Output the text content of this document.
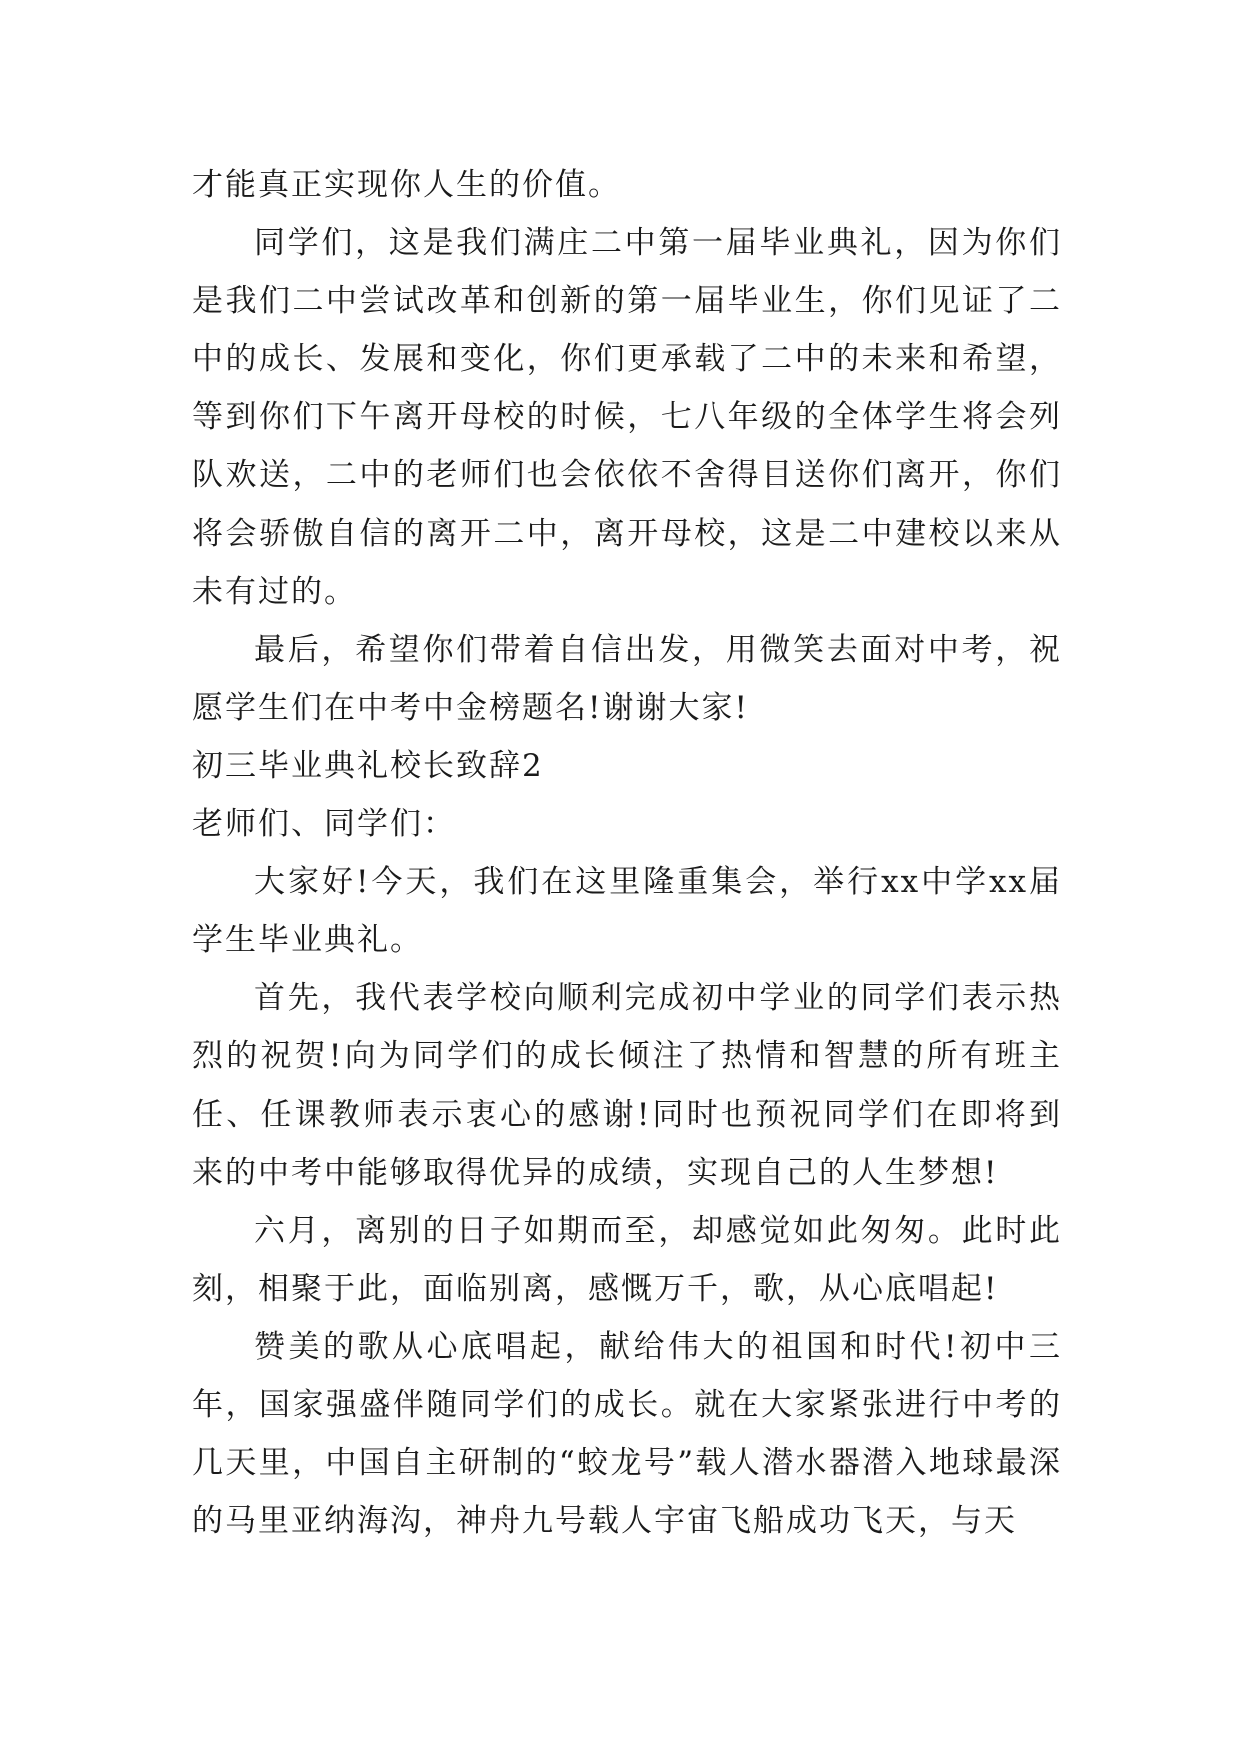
才能真正实现你人生的价值。

同学们，这是我们满庄二中第一届毕业典礼，因为你们是我们二中尝试改革和创新的第一届毕业生，你们见证了二中的成长、发展和变化，你们更承载了二中的未来和希望，等到你们下午离开母校的时候，七八年级的全体学生将会列队欢送，二中的老师们也会依依不舍得目送你们离开，你们将会骄傲自信的离开二中，离开母校，这是二中建校以来从未有过的。

最后，希望你们带着自信出发，用微笑去面对中考，祝愿学生们在中考中金榜题名!谢谢大家!

初三毕业典礼校长致辞2

老师们、同学们：

大家好!今天，我们在这里隆重集会，举行xx中学xx届学生毕业典礼。

首先，我代表学校向顺利完成初中学业的同学们表示热烈的祝贺!向为同学们的成长倾注了热情和智慧的所有班主任、任课教师表示衷心的感谢!同时也预祝同学们在即将到来的中考中能够取得优异的成绩，实现自己的人生梦想!

六月，离别的日子如期而至，却感觉如此匆匆。此时此刻，相聚于此，面临别离，感慨万千，歌，从心底唱起!

赞美的歌从心底唱起，献给伟大的祖国和时代!初中三年，国家强盛伴随同学们的成长。就在大家紧张进行中考的几天里，中国自主研制的“蛟龙号”载人潜水器潜入地球最深的马里亚纳海沟，神舟九号载人宇宙飞船成功飞天，与天
